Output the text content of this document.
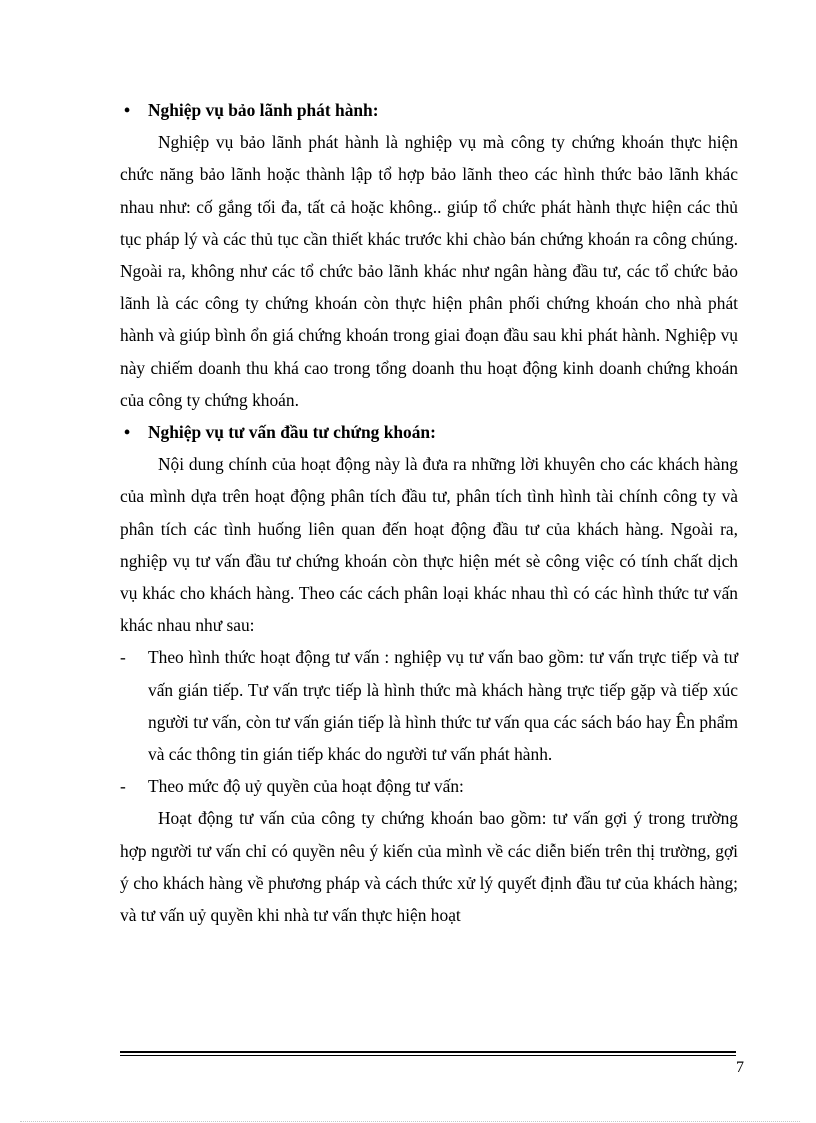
• Nghiệp vụ bảo lãnh phát hành:

Nghiệp vụ bảo lãnh phát hành là nghiệp vụ mà công ty chứng khoán thực hiện chức năng bảo lãnh hoặc thành lập tổ hợp bảo lãnh theo các hình thức bảo lãnh khác nhau như: cố gắng tối đa, tất cả hoặc không.. giúp tổ chức phát hành thực hiện các thủ tục pháp lý và các thủ tục cần thiết khác trước khi chào bán chứng khoán ra công chúng. Ngoài ra, không như các tổ chức bảo lãnh khác như ngân hàng đầu tư, các tổ chức bảo lãnh là các công ty chứng khoán còn thực hiện phân phối chứng khoán cho nhà phát hành và giúp bình ổn giá chứng khoán trong giai đoạn đầu sau khi phát hành. Nghiệp vụ này chiếm doanh thu khá cao trong tổng doanh thu hoạt động kinh doanh chứng khoán của công ty chứng khoán.

• Nghiệp vụ tư vấn đầu tư chứng khoán:

Nội dung chính của hoạt động này là đưa ra những lời khuyên cho các khách hàng của mình dựa trên hoạt động phân tích đầu tư, phân tích tình hình tài chính công ty và phân tích các tình huống liên quan đến hoạt động đầu tư của khách hàng. Ngoài ra, nghiệp vụ tư vấn đầu tư chứng khoán còn thực hiện mét sè công việc có tính chất dịch vụ khác cho khách hàng. Theo các cách phân loại khác nhau thì có các hình thức tư vấn khác nhau như sau:

- Theo hình thức hoạt động tư vấn : nghiệp vụ tư vấn bao gồm: tư vấn trực tiếp và tư vấn gián tiếp. Tư vấn trực tiếp là hình thức mà khách hàng trực tiếp gặp và tiếp xúc người tư vấn, còn tư vấn gián tiếp là hình thức tư vấn qua các sách báo hay Ên phẩm và các thông tin gián tiếp khác do người tư vấn phát hành.

- Theo mức độ uỷ quyền của hoạt động tư vấn:

Hoạt động tư vấn của công ty chứng khoán bao gồm: tư vấn gợi ý trong trường hợp người tư vấn chỉ có quyền nêu ý kiến của mình về các diễn biến trên thị trường, gợi ý cho khách hàng về phương pháp và cách thức xử lý quyết định đầu tư của khách hàng; và tư vấn uỷ quyền khi nhà tư vấn thực hiện hoạt

7
